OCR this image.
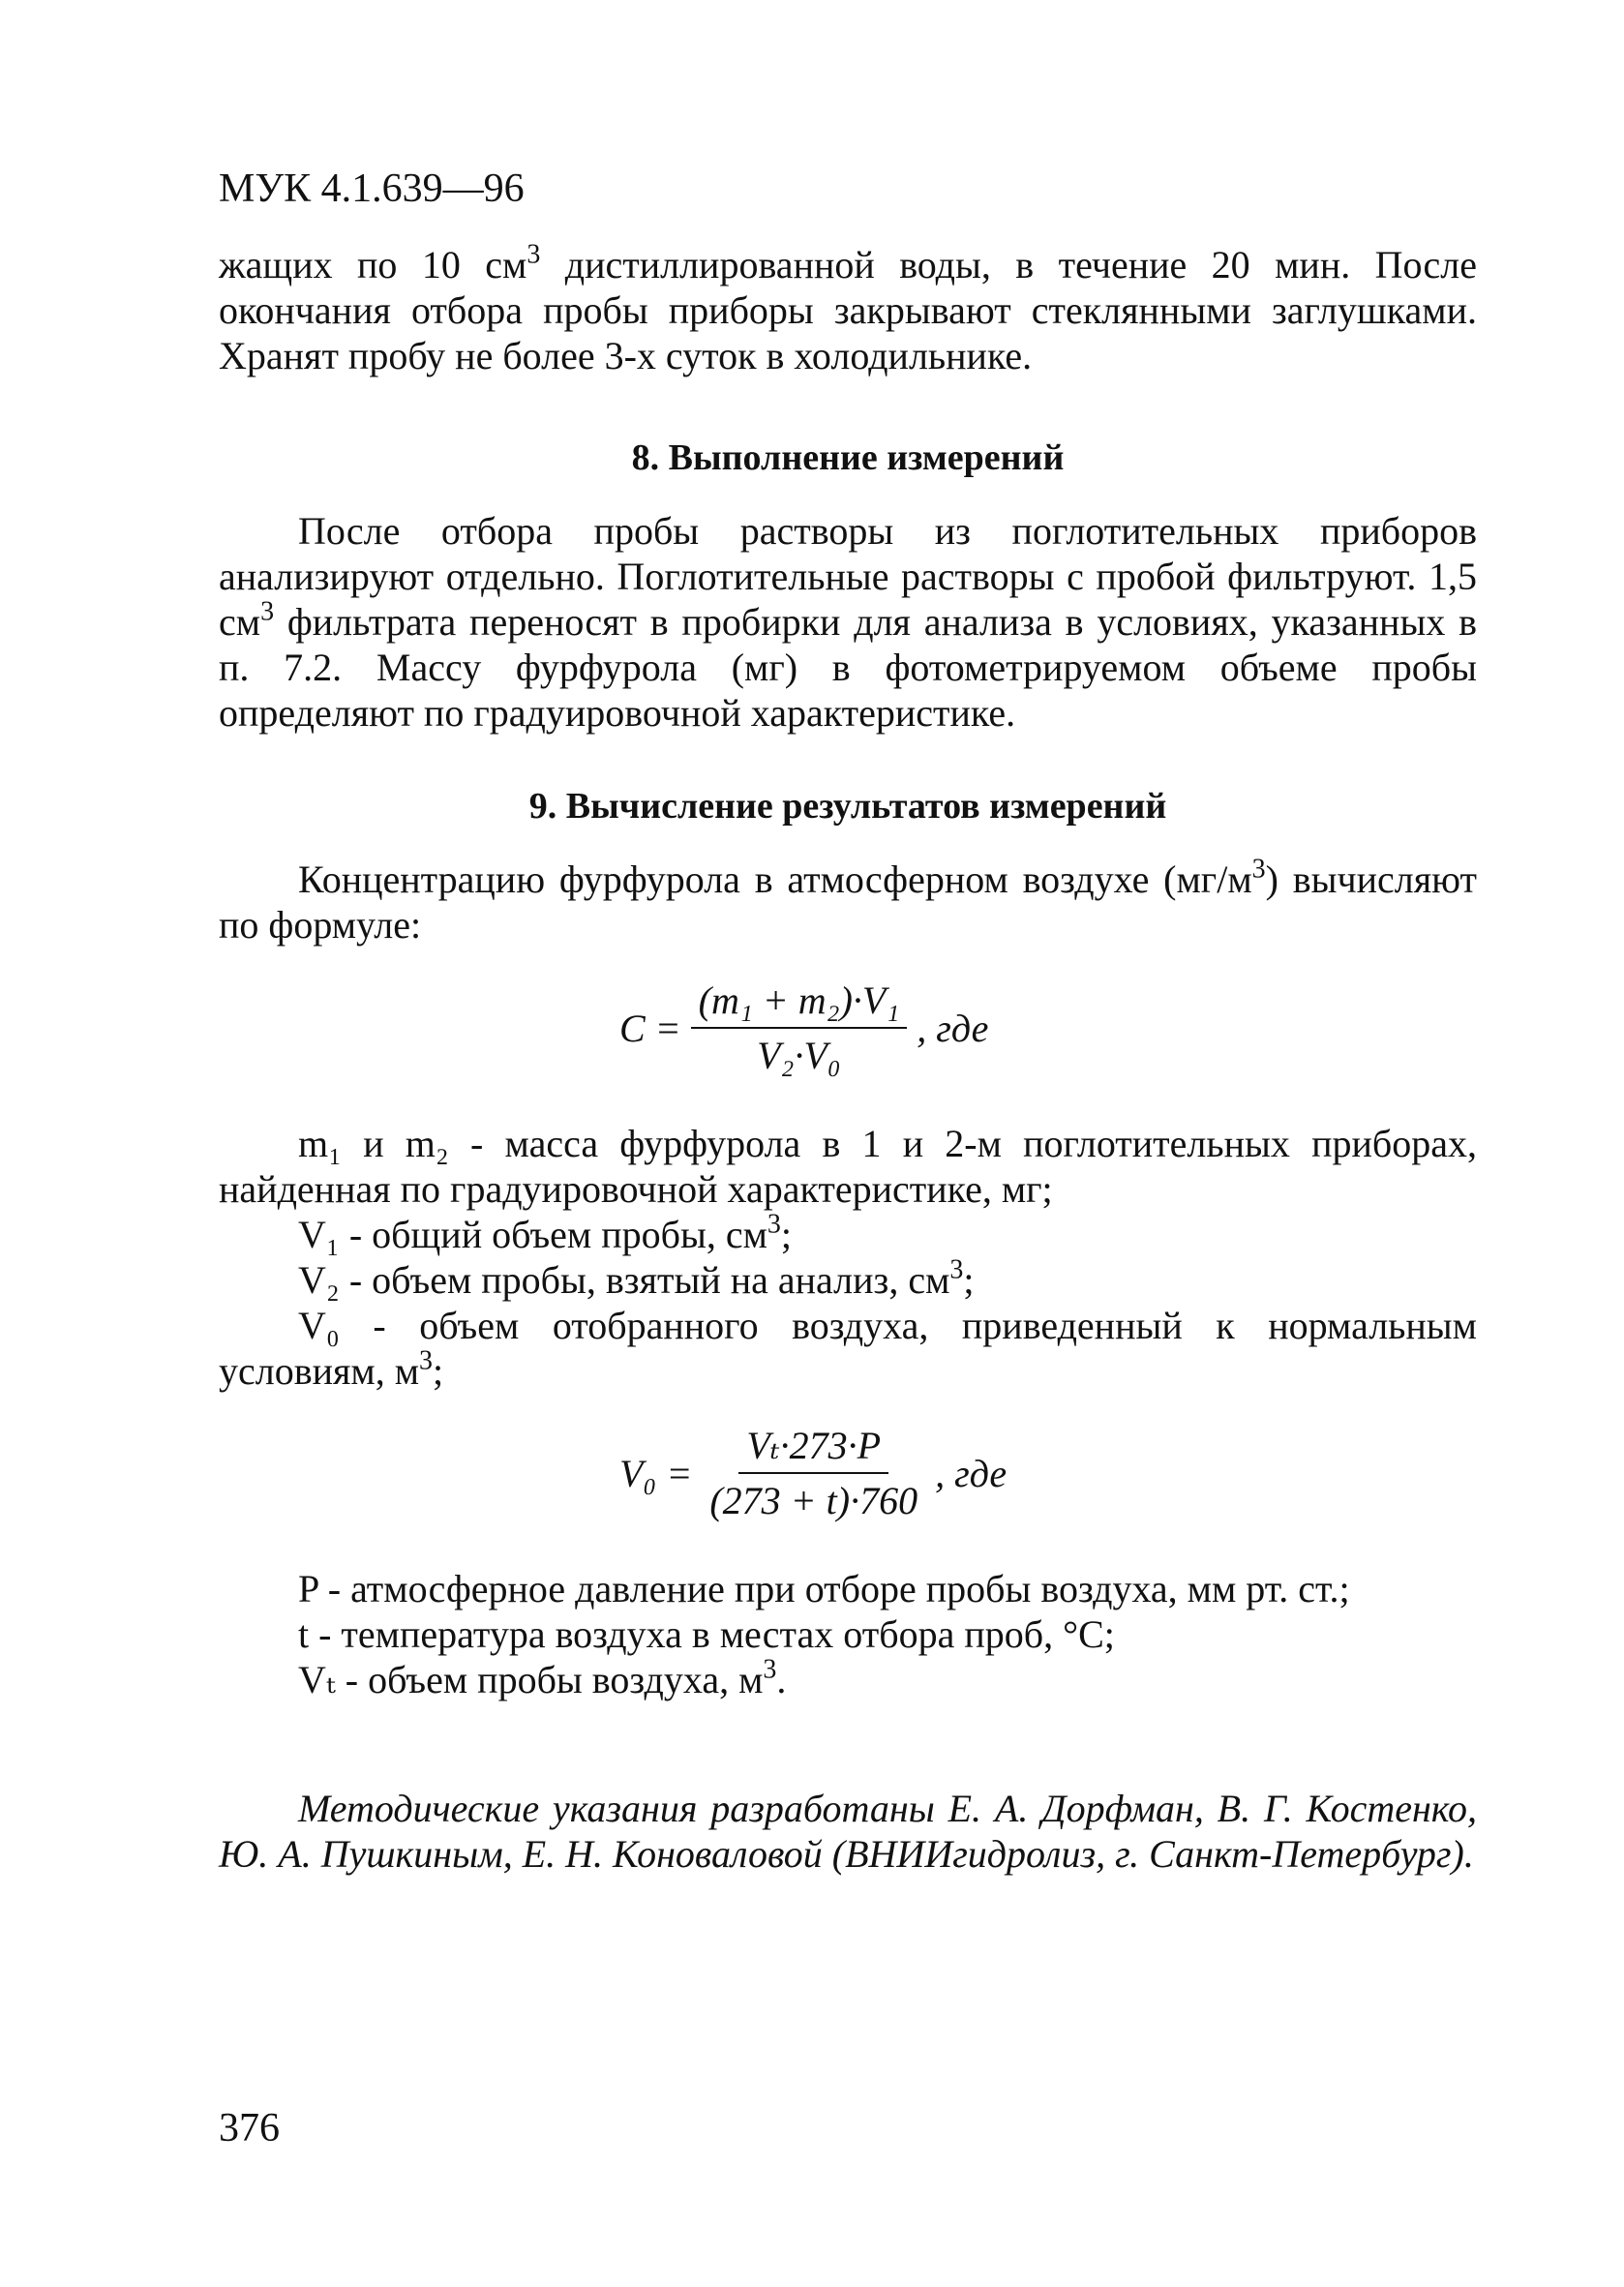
МУК 4.1.639—96

жащих по 10 $см^3$ дистиллированной воды, в течение 20 мин. После окончания отбора пробы приборы закрывают стеклянными заглушками. Хранят пробу не более 3-х суток в холодильнике.

8. Выполнение измерений

После отбора пробы растворы из поглотительных приборов анализируют отдельно. Поглотительные растворы с пробой фильтруют. 1,5 $см^3$ фильтрата переносят в пробирки для анализа в условиях, указанных в п. 7.2. Массу фурфурола (мг) в фотометрируемом объеме пробы определяют по градуировочной характеристике.

9. Вычисление результатов измерений

Концентрацию фурфурола в атмосферном воздухе $(мг/м^3)$ вычисляют по формуле:

$C = \frac{\text{(m₁ + m₂)·V₁}}{\text{V₂·V₀}}$ , где

m₁ и m₂ - масса фурфурола в 1 и 2-м поглотительных приборах, найденная по градуировочной характеристике, мг;

V₁ - общий объем пробы, $см^3$;

V₂ - объем пробы, взятый на анализ, $см^3$;

V₀ - объем отобранного воздуха, приведенный к нормальным условиям, $м^3$;

$V_0 = \frac{\text{Vₜ·273·P}}{(273 + t)\cdot 760}$ , где

P - атмосферное давление при отборе пробы воздуха, мм рт. ст.;

t - температура воздуха в местах отбора проб, °C;

Vₜ - объем пробы воздуха, $м^3$.

Методические указания разработаны Е. А. Дорфман, В. Г. Костенко, Ю. А. Пушкиным, Е. Н. Коноваловой (ВНИИгидролиз, г. Санкт-Петербург).

376
